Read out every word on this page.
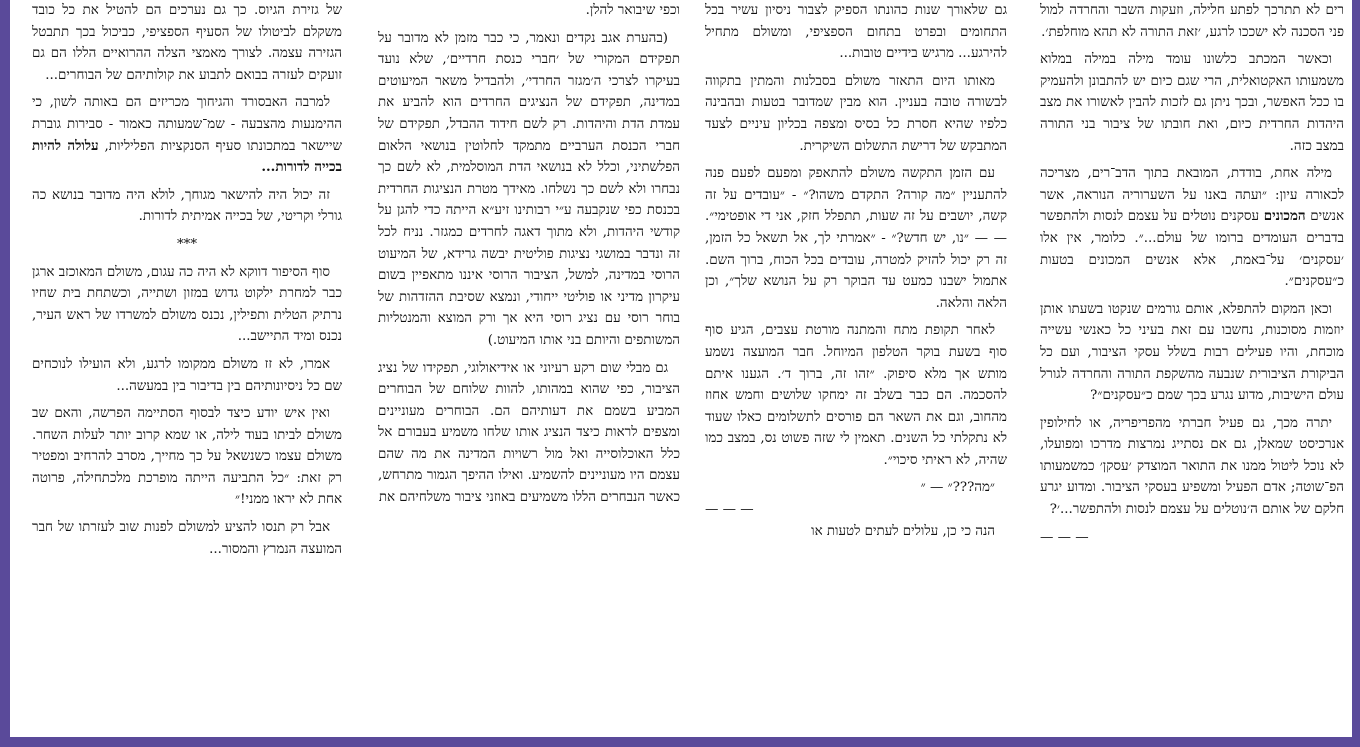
רים לא תתרכך לפתע חלילה, וזעקות השבר והחרדה למול פני הסכנה לא ישככו לרגע, ׳זאת התורה לא תהא מוחלפת׳.

וכאשר המכתב כלשונו עומד מילה במילה במלוא משמעותו האקטואלית, הרי שגם כיום יש להתבונן ולהעמיק בו ככל האפשר, ובכך ניתן גם לזכות להבין לאשורו את מצב היהדות החרדית כיום, ואת חובתו של ציבור בני התורה במצב כזה.

מילה אחת, בודדת, המובאת בתוך הדב־רים, מצריכה לכאורה עיון: ״ועתה באנו על השערוריה הנוראה, אשר אנשים המכונים עסקנים נוטלים על עצמם לנסות ולהתפשר בדברים העומדים ברומו של עולם...״. כלומר, אין אלו ׳עסקנים׳ על־באמת, אלא אנשים המכונים בטעות כ״עסקנים״.

וכאן המקום להתפלא, אותם גורמים שנקטו בשעתו אותן יוזמות מסוכנות, נחשבו עם זאת בעיני כל כאנשי עשייה מוכחת, והיו פעילים רבות בשלל עסקי הציבור, ועם כל הביקורת הציבורית שנבעה מהשקפת התורה והחרדה לגורל עולם הישיבות, מדוע נגרע בכך שמם כ״עסקנים״?

יתרה מכך, גם פעיל חברתי מהפריפריה, או לחילופין אנרכיסט שמאלן, גם אם נסתייג נמרצות מדרכו ומפועלו, לא נוכל ליטול ממנו את התואר המוצדק ׳עסקן׳ כמשמעותו הפ־שוטה; אדם הפעיל ומשפיע בעסקי הציבור. ומדוע יגרע חלקם של אותם ה׳נוטלים על עצמם לנסות ולהתפשר...׳?

— — —

גם שלאורך שנות כהונתו הספיק לצבור ניסיון עשיר בכל התחומים ובפרט בתחום הספציפי, ומשולם מתחיל להירגע... מרגיש בידיים טובות...

מאותו היום התאזר משולם בסבלנות והמתין בתקווה לבשורה טובה בעניין. הוא מבין שמדובר בטעות ובהבינה כלפיו שהיא חסרת כל בסיס ומצפה בכליון עיניים לצעד המתבקש של דרישת התשלום השיקרית.

עם הזמן התקשה משולם להתאפק ומפעם לפעם פנה להתעניין ״מה קורה? התקדם משהו?״ - ״עובדים על זה קשה, יושבים על זה שעות, תתפלל חזק, אני די אופטימי״. — — ״נו, יש חדש?״ - ״אמרתי לך, אל תשאל כל הזמן, זה רק יכול להזיק למטרה, עובדים בכל הכוח, ברוך השם. אתמול ישבנו כמעט עד הבוקר רק על הנושא שלך״, וכן הלאה והלאה.

לאחר תקופת מתח והמתנה מורטת עצבים, הגיע סוף סוף בשעת בוקר הטלפון המיוחל. חבר המועצה נשמע מותש אך מלא סיפוק. ״זהו זה, ברוך ד׳. הגענו איתם להסכמה. הם כבר בשלב זה ימחקו שלושים וחמש אחוז מהחוב, וגם את השאר הם פורסים לתשלומים כאלו שעוד לא נתקלתי כל השנים. תאמין לי שזה פשוט נס, במצב כמו שהיה, לא ראיתי סיכוי״.

״מה???״ — ״

— — —

הנה כי כן, עלולים לעתים לטעות או

וכפי שיבואר להלן.

(בהערת אגב נקדים ונאמר, כי כבר מזמן לא מדובר על תפקידם המקורי של ׳חברי כנסת חרדיים׳, שלא נועד בעיקרו לצרכי ה׳מגזר החרדי׳, ולהבדיל משאר המיעוטים במדינה, תפקידם של הנציגים החרדים הוא להביע את עמדת הדת והיהדות. רק לשם חידוד ההבדל, תפקידם של חברי הכנסת הערביים מתמקד לחלוטין בנושאי הלאום הפלשתיני, וכלל לא בנושאי הדת המוסלמית, לא לשם כך נבחרו ולא לשם כך נשלחו. מאידך מטרת הנציגות החרדית בכנסת כפי שנקבעה ע״י רבותינו זיע״א הייתה כדי להגן על קודשי היהדות, ולא מתוך דאגה לחרדים כמגזר. נניח לכל זה ונדבר במושגי נציגות פוליטית יבשה גרידא, של המיעוט הרוסי במדינה, למשל, הציבור הרוסי איננו מתאפיין בשום עיקרון מדיני או פוליטי ייחודי, ונמצא שסיבת ההזדהות של בוחר רוסי עם נציג רוסי היא אך ורק המוצא והמנטליות המשותפים והיותם בני אותו המיעוט.)

גם מבלי שום רקע רעיוני או אידיאולוגי, תפקידו של נציג הציבור, כפי שהוא במהותו, להוות שלוחם של הבוחרים המביע בשמם את דעותיהם הם. הבוחרים מעוניינים ומצפים לראות כיצד הנציג אותו שלחו משמיע בעבורם אל כלל האוכלוסייה ואל מול רשויות המדינה את מה שהם עצמם היו מעוניינים להשמיע. ואילו ההיפך הגמור מתרחש, כאשר הנבחרים הללו משמיעים באוזני ציבור משלחיהם את

של גזירת הגיוס. כך גם נערכים הם להטיל את כל כובד משקלם לביטולו של הסעיף הספציפי, כביכול בכך תתבטל הגזירה עצמה. לצורך מאמצי הצלה ההרואיים הללו הם גם זועקים לעזרה בבואם לתבוע את קולותיהם של הבוחרים...

למרבה האבסורד והגיחוך מכריזים הם באותה לשון, כי ההימנעות מהצבעה - שמ־שמעותה כאמור - סבירות גוברת שיישאר במתכונתו סעיף הסנקציות הפליליות, עלולה להיות בכייה לדורות...

זה יכול היה להישאר מגוחך, לולא היה מדובר בנושא כה גורלי וקריטי, של בכייה אמיתית לדורות.

***

סוף הסיפור דווקא לא היה כה עגום, משולם המאוכזב ארגן כבר למחרת ילקוט גדוש במזון ושתייה, וכשתחת בית שחיו נרתיק הטלית ותפילין, נכנס משולם למשרדו של ראש העיר, נכנס ומיד התיישב...

אמרו, לא זז משולם ממקומו לרגע, ולא הועילו לנוכחים שם כל ניסיונותיהם בין בדיבור בין במעשה...

ואין איש יודע כיצד לבסוף הסתיימה הפרשה, והאם שב משולם לביתו בעוד לילה, או שמא קרוב יותר לעלות השחר. משולם עצמו כשנשאל על כך מחייך, מסרב להרחיב ומפטיר רק זאת: ״כל התביעה הייתה מופרכת מלכתחילה, פרוטה אחת לא יראו ממני!״

אבל רק תנסו להציע למשולם לפנות שוב לעזרתו של חבר המועצה הנמרץ והמסור...
